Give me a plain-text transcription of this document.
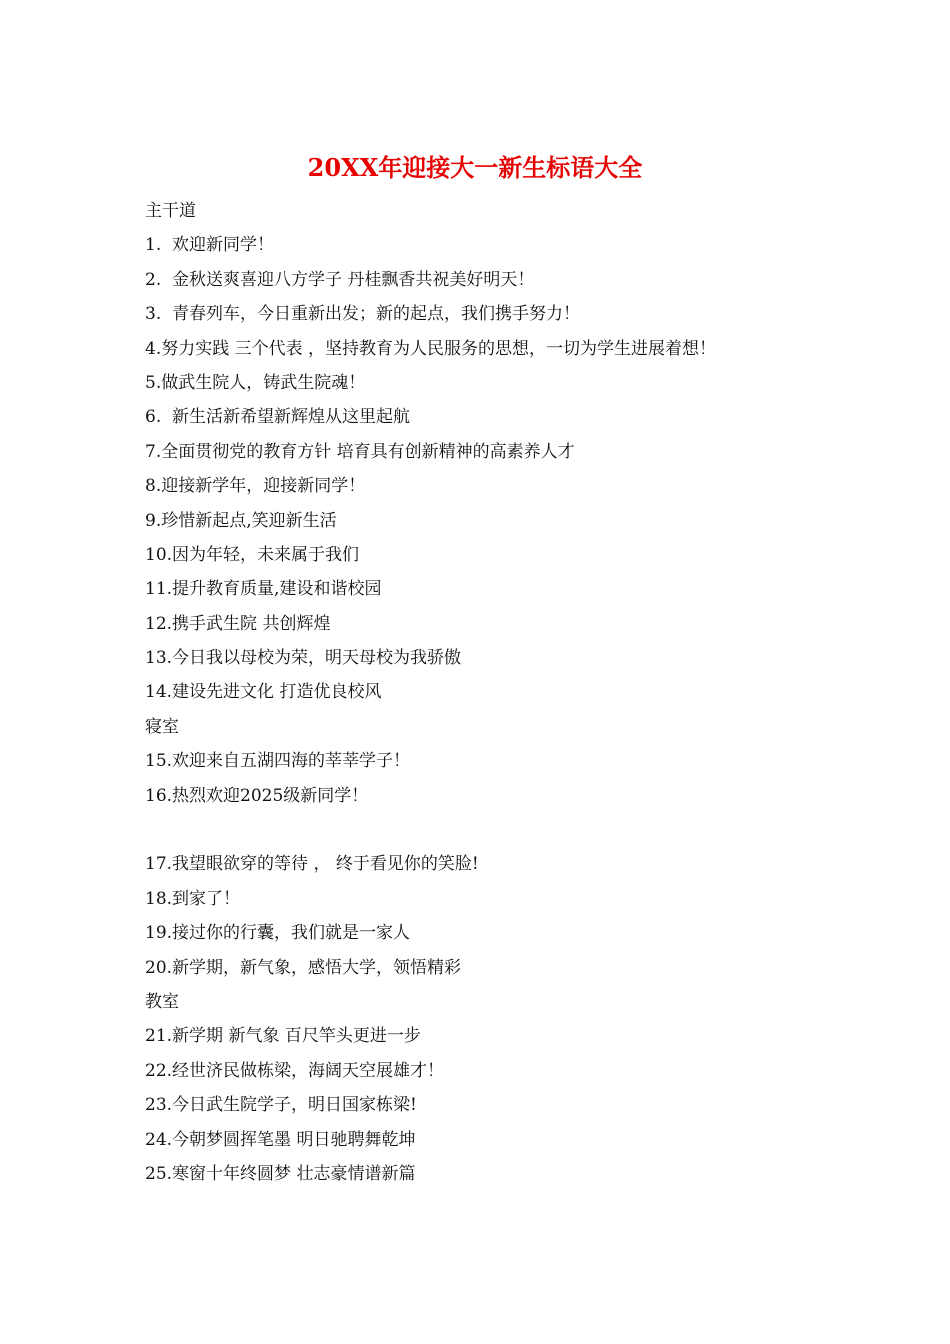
20XX年迎接大一新生标语大全
主干道
1.  欢迎新同学！
2.  金秋送爽喜迎八方学子 丹桂飘香共祝美好明天！
3.  青春列车，今日重新出发；新的起点，我们携手努力！
4.努力实践 三个代表 ，坚持教育为人民服务的思想，一切为学生进展着想！
5.做武生院人，铸武生院魂！
6.  新生活新希望新辉煌从这里起航
7.全面贯彻党的教育方针 培育具有创新精神的高素养人才
8.迎接新学年，迎接新同学！
9.珍惜新起点,笑迎新生活
10.因为年轻，未来属于我们
11.提升教育质量,建设和谐校园
12.携手武生院 共创辉煌
13.今日我以母校为荣，明天母校为我骄傲
14.建设先进文化 打造优良校风
寝室
15.欢迎来自五湖四海的莘莘学子！
16.热烈欢迎2025级新同学！
17.我望眼欲穿的等待 ， 终于看见你的笑脸!
18.到家了！
19.接过你的行囊，我们就是一家人
20.新学期，新气象，感悟大学，领悟精彩
教室
21.新学期 新气象 百尺竿头更进一步
22.经世济民做栋梁，海阔天空展雄才！
23.今日武生院学子，明日国家栋梁!
24.今朝梦圆挥笔墨 明日驰聘舞乾坤
25.寒窗十年终圆梦 壮志豪情谱新篇
